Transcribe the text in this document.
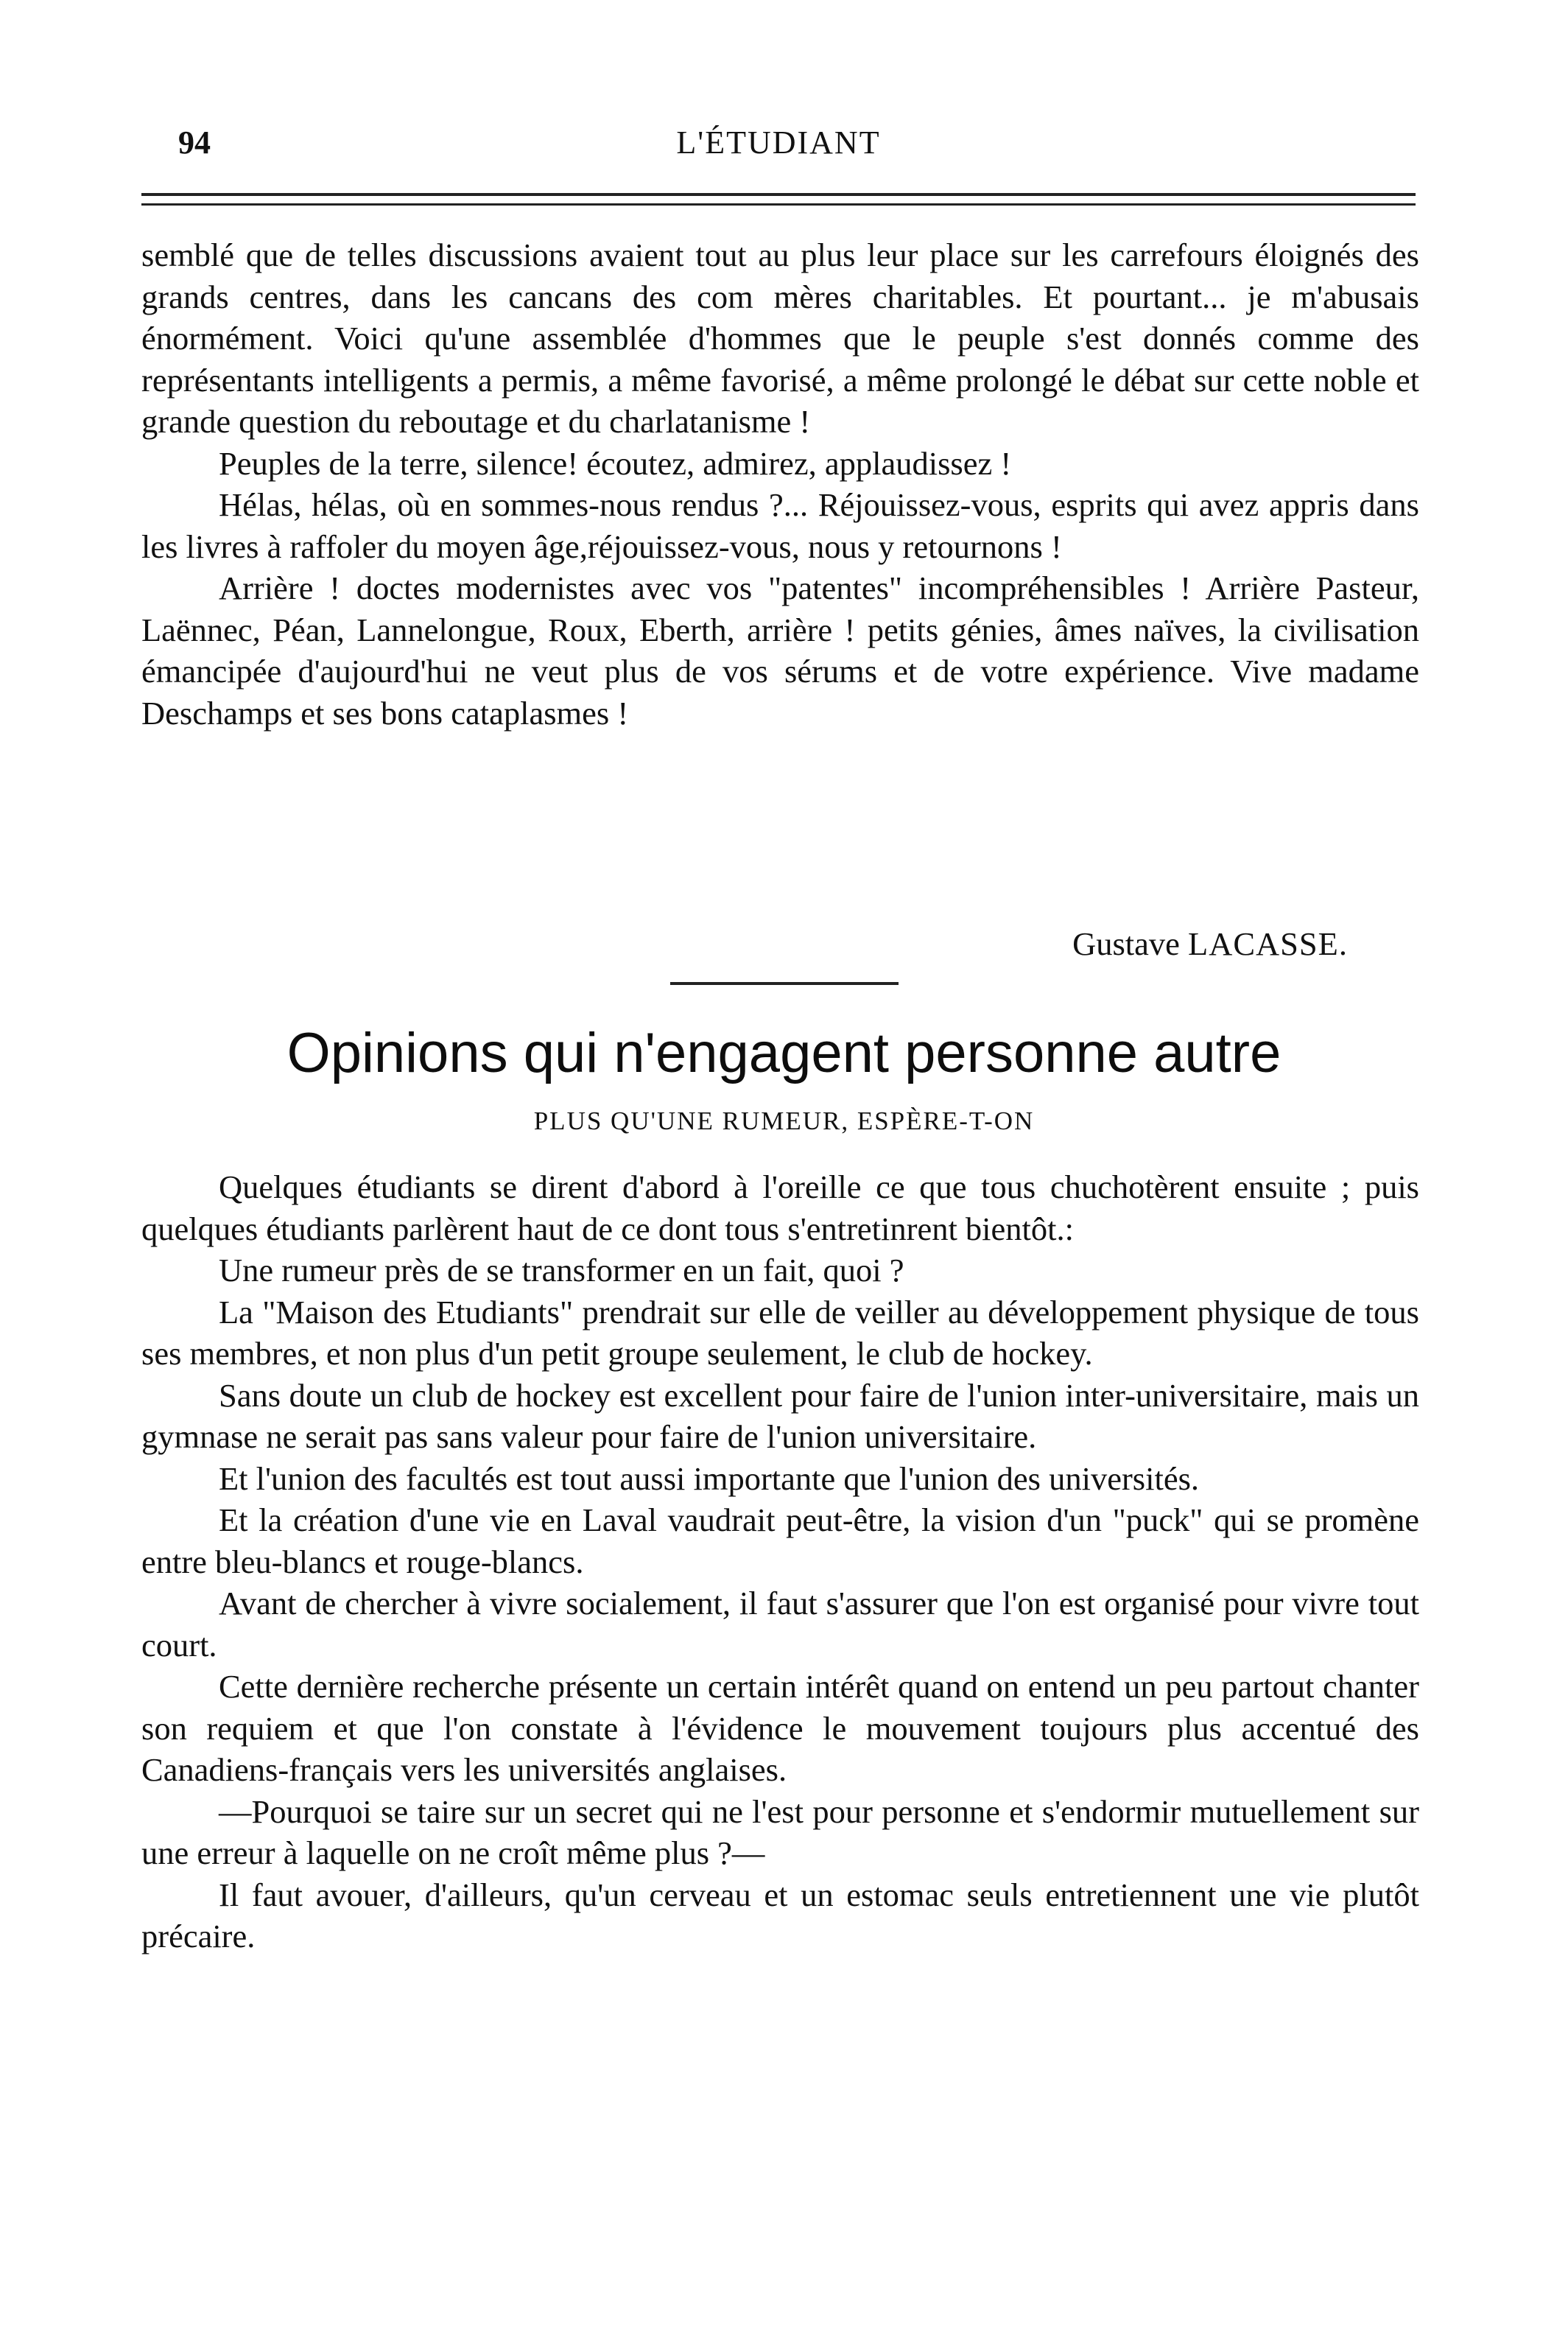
94	L'ÉTUDIANT

semblé que de telles discussions avaient tout au plus leur place sur les carrefours éloignés des grands centres, dans les cancans des com mères charitables. Et pourtant... je m'abusais énormément. Voici qu'une assemblée d'hommes que le peuple s'est donnés comme des représentants intelligents a permis, a même favorisé, a même prolongé le débat sur cette noble et grande question du reboutage et du charlatanisme !

Peuples de la terre, silence! écoutez, admirez, applaudissez !

Hélas, hélas, où en sommes-nous rendus ?... Réjouissez-vous, esprits qui avez appris dans les livres à raffoler du moyen âge,réjouissez-vous, nous y retournons !

Arrière ! doctes modernistes avec vos "patentes" incompréhensibles ! Arrière Pasteur, Laënnec, Péan, Lannelongue, Roux, Eberth, arrière ! petits génies, âmes naïves, la civilisation émancipée d'aujourd'hui ne veut plus de vos sérums et de votre expérience. Vive madame Deschamps et ses bons cataplasmes !

Gustave LACASSE.
Opinions qui n'engagent personne autre
PLUS QU'UNE RUMEUR, ESPÈRE-T-ON

Quelques étudiants se dirent d'abord à l'oreille ce que tous chuchotèrent ensuite ; puis quelques étudiants parlèrent haut de ce dont tous s'entretinrent bientôt.:

Une rumeur près de se transformer en un fait, quoi ?

La "Maison des Etudiants" prendrait sur elle de veiller au développement physique de tous ses membres, et non plus d'un petit groupe seulement, le club de hockey.

Sans doute un club de hockey est excellent pour faire de l'union inter-universitaire, mais un gymnase ne serait pas sans valeur pour faire de l'union universitaire.

Et l'union des facultés est tout aussi importante que l'union des universités.

Et la création d'une vie en Laval vaudrait peut-être, la vision d'un "puck" qui se promène entre bleu-blancs et rouge-blancs.

Avant de chercher à vivre socialement, il faut s'assurer que l'on est organisé pour vivre tout court.

Cette dernière recherche présente un certain intérêt quand on entend un peu partout chanter son requiem et que l'on constate à l'évidence le mouvement toujours plus accentué des Canadiens-français vers les universités anglaises.

—Pourquoi se taire sur un secret qui ne l'est pour personne et s'endormir mutuellement sur une erreur à laquelle on ne croît même plus ?—

Il faut avouer, d'ailleurs, qu'un cerveau et un estomac seuls entretiennent une vie plutôt précaire.
